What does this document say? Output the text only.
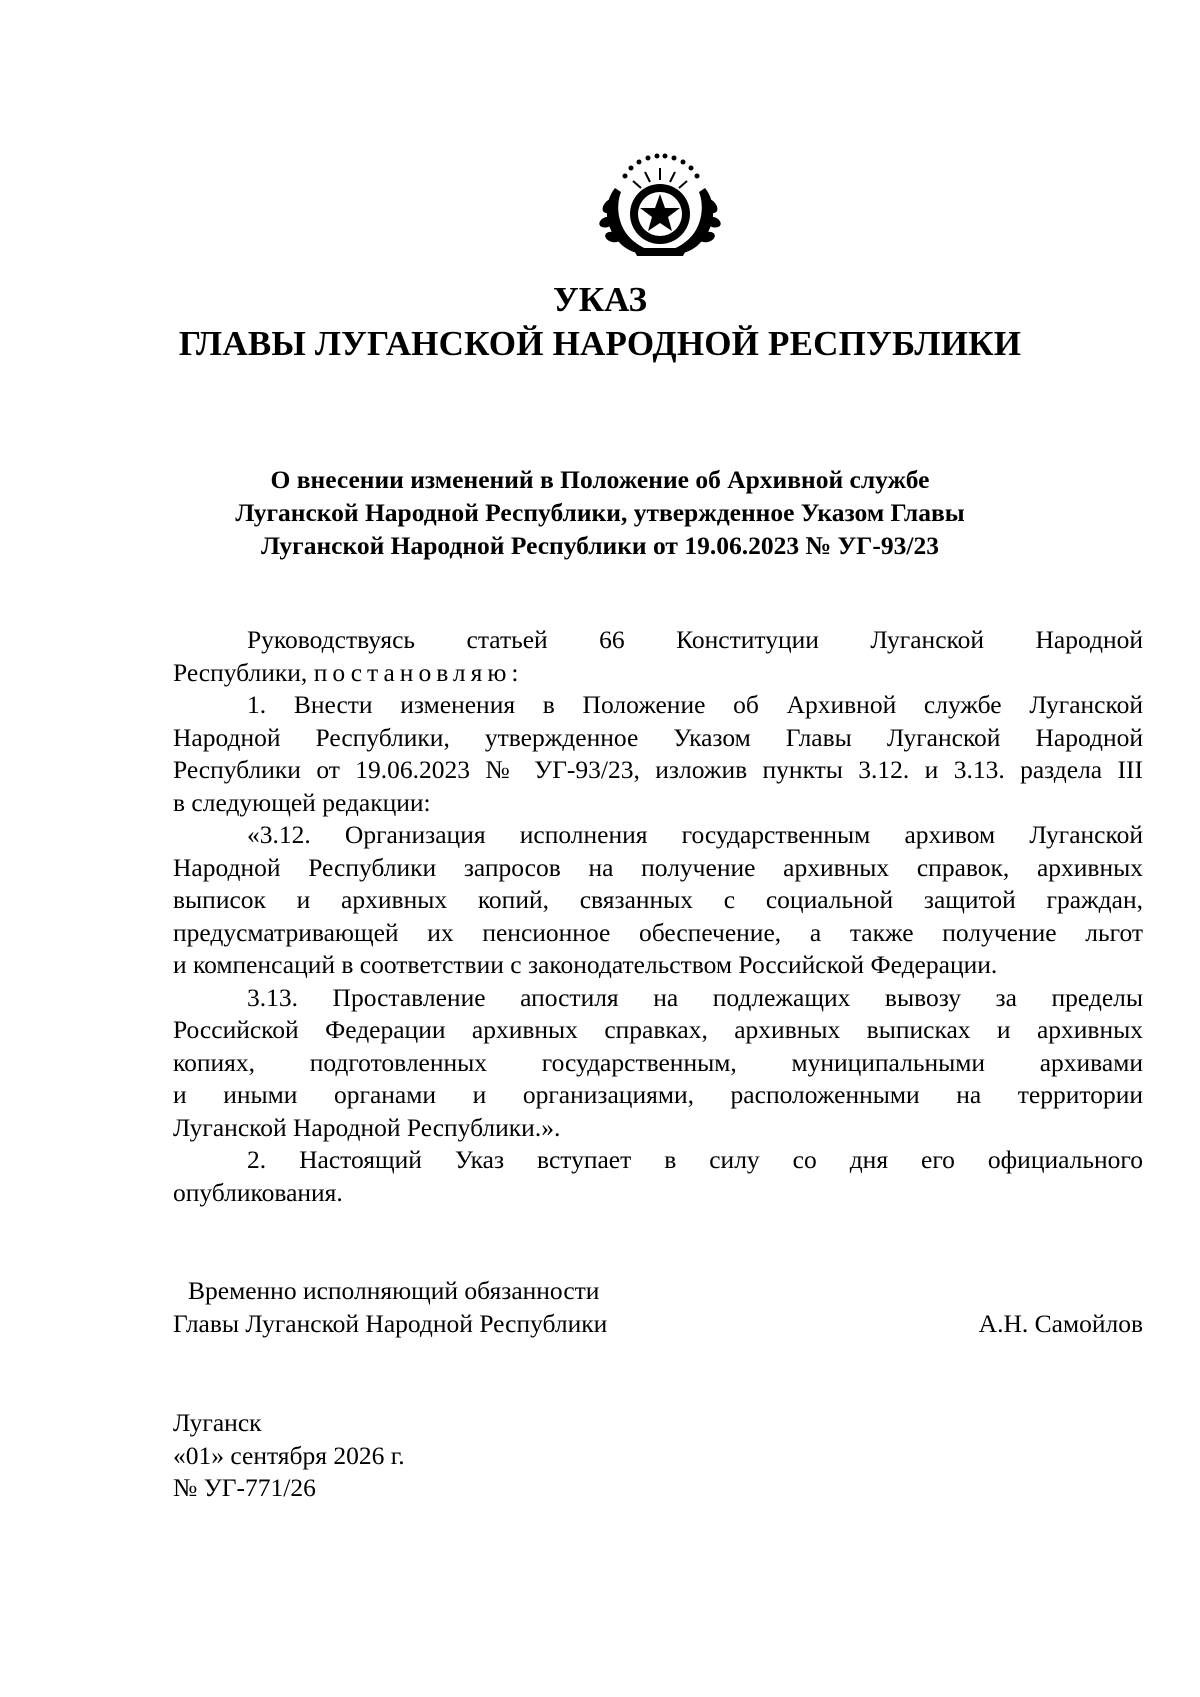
УКАЗ
ГЛАВЫ ЛУГАНСКОЙ НАРОДНОЙ РЕСПУБЛИКИ
О внесении изменений в Положение об Архивной службе
Луганской Народной Республики, утвержденное Указом Главы
Луганской Народной Республики от 19.06.2023 № УГ-93/23
Руководствуясь статьей 66 Конституции Луганской Народной
Республики, постановляю:
1. Внести изменения в Положение об Архивной службе Луганской
Народной Республики, утвержденное Указом Главы Луганской Народной
Республики от 19.06.2023 № УГ-93/23, изложив пункты 3.12. и 3.13. раздела III
в следующей редакции:
«3.12. Организация исполнения государственным архивом Луганской
Народной Республики запросов на получение архивных справок, архивных
выписок и архивных копий, связанных с социальной защитой граждан,
предусматривающей их пенсионное обеспечение, а также получение льгот
и компенсаций в соответствии с законодательством Российской Федерации.
3.13. Проставление апостиля на подлежащих вывозу за пределы
Российской Федерации архивных справках, архивных выписках и архивных
копиях, подготовленных государственным, муниципальными архивами
и иными органами и организациями, расположенными на территории
Луганской Народной Республики.».
2. Настоящий Указ вступает в силу со дня его официального
опубликования.
Временно исполняющий обязанности
Главы Луганской Народной Республики	А.Н. Самойлов
Луганск
«01» сентября 2026 г.
№ УГ-771/26
